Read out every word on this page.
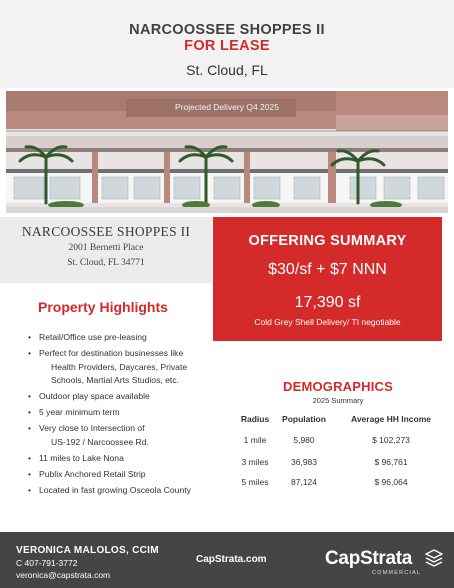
NARCOOSSEE SHOPPES II
FOR LEASE
St. Cloud, FL
Projected Delivery Q4 2025
NARCOOSSEE SHOPPES II
2001 Bernetti Place
St. Cloud, FL 34771
OFFERING SUMMARY
$30/sf + $7 NNN
17,390 sf
Cold Grey Shell Delivery/ TI negotiable
Property Highlights
• Retail/Office use pre-leasing
• Perfect for destination businesses like
Health Providers, Daycares, Private
Schools, Martial Arts Studios, etc.
• Outdoor play space available
• 5 year minimum term
• Very close to Intersection of
US-192 / Narcoossee Rd.
• 11 miles to Lake Nona
• Publix Anchored Retail Strip
• Located in fast growing Osceola County
DEMOGRAPHICS
2025 Summary
Radius	Population	Average HH Income
1 mile	5,980	$ 102,273
3 miles	36,983	$ 96,761
5 miles	87,124	$ 96,064
VERONICA MALOLOS, CCIM
C 407-791-3772
veronica@capstrata.com
CapStrata.com	CapStrata
COMMERCIAL
